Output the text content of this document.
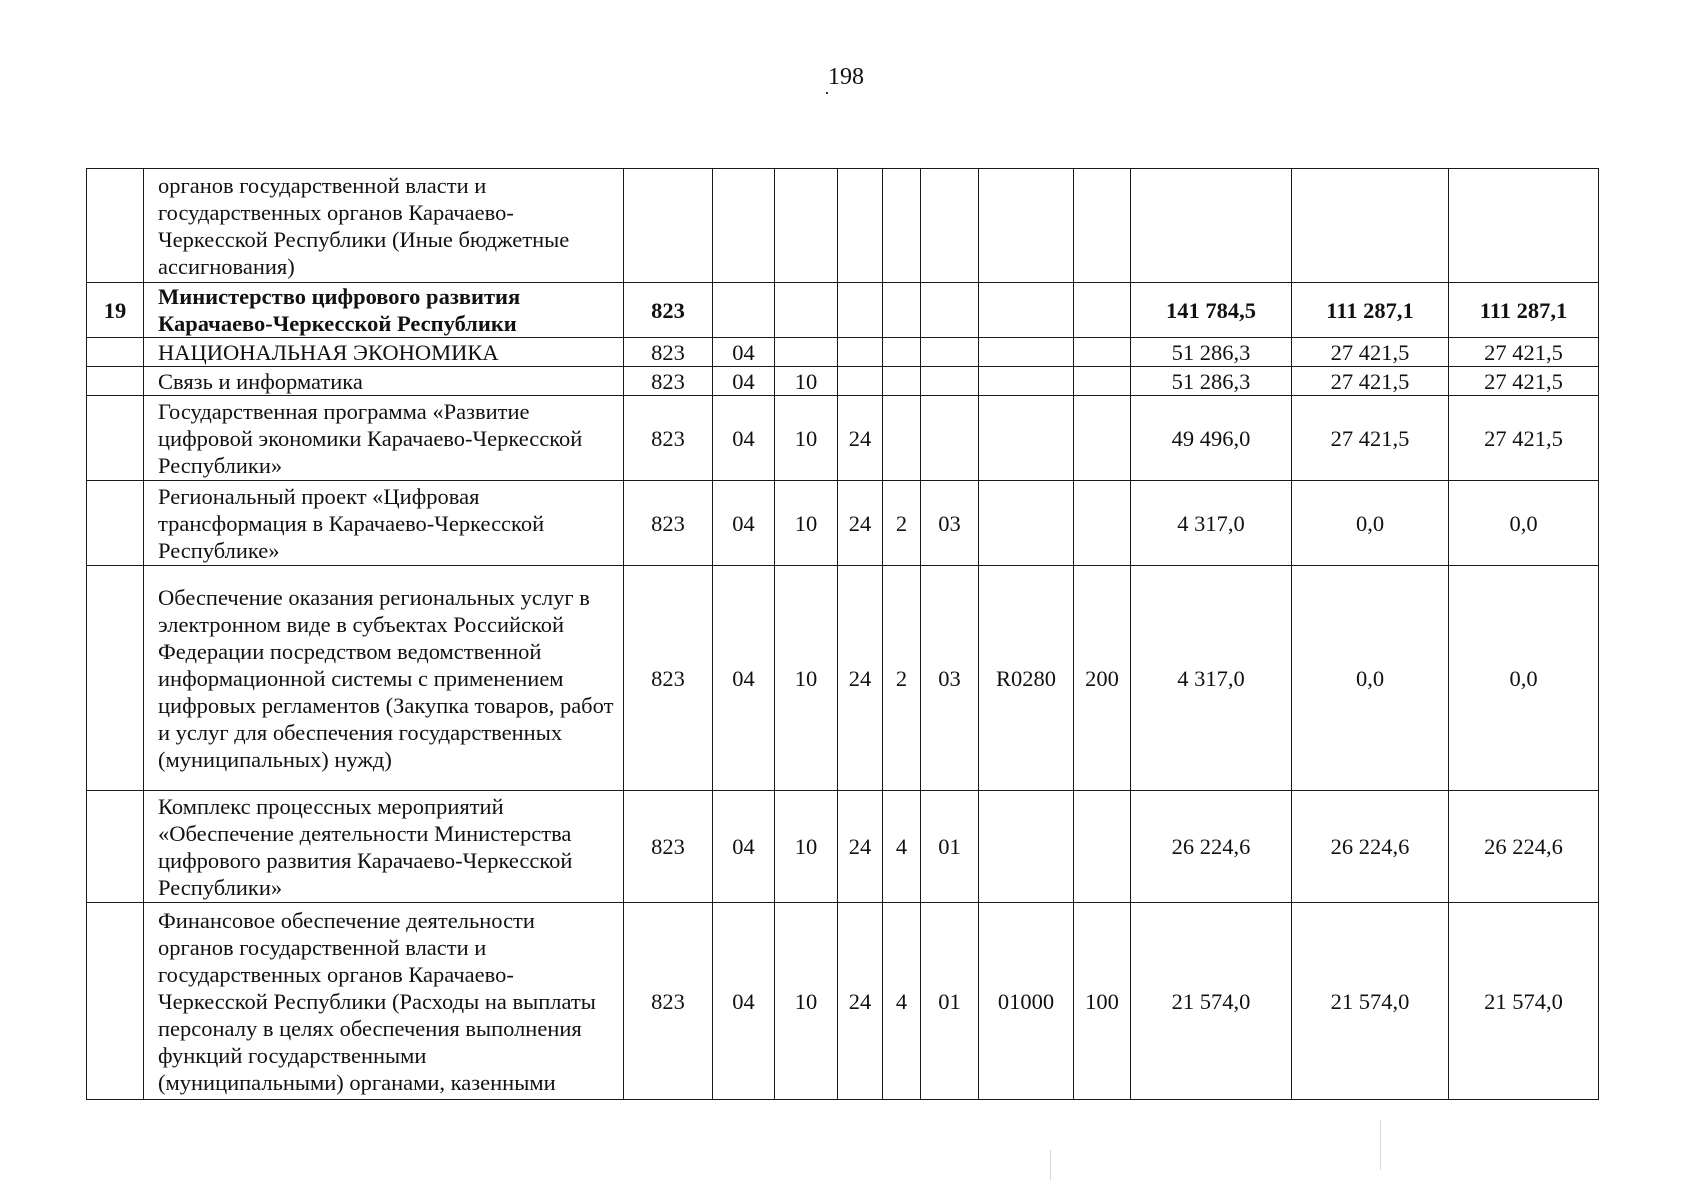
198
	органов государственной власти и государственных органов Карачаево-Черкесской Республики (Иные бюджетные ассигнования)											
19	Министерство цифрового развития Карачаево-Черкесской Республики	823								141 784,5	111 287,1	111 287,1
	НАЦИОНАЛЬНАЯ ЭКОНОМИКА	823	04							51 286,3	27 421,5	27 421,5
	Связь и информатика	823	04	10						51 286,3	27 421,5	27 421,5
	Государственная программа «Развитие цифровой экономики Карачаево-Черкесской Республики»	823	04	10	24					49 496,0	27 421,5	27 421,5
	Региональный проект «Цифровая трансформация в Карачаево-Черкесской Республике»	823	04	10	24	2	03			4 317,0	0,0	0,0
	Обеспечение оказания региональных услуг в электронном виде в субъектах Российской Федерации посредством ведомственной информационной системы с применением цифровых регламентов (Закупка товаров, работ и услуг для обеспечения государственных (муниципальных) нужд)	823	04	10	24	2	03	R0280	200	4 317,0	0,0	0,0
	Комплекс процессных мероприятий «Обеспечение деятельности Министерства цифрового развития Карачаево-Черкесской Республики»	823	04	10	24	4	01			26 224,6	26 224,6	26 224,6
	Финансовое обеспечение деятельности органов государственной власти и государственных органов Карачаево-Черкесской Республики (Расходы на выплаты персоналу в целях обеспечения выполнения функций государственными (муниципальными) органами, казенными	823	04	10	24	4	01	01000	100	21 574,0	21 574,0	21 574,0
